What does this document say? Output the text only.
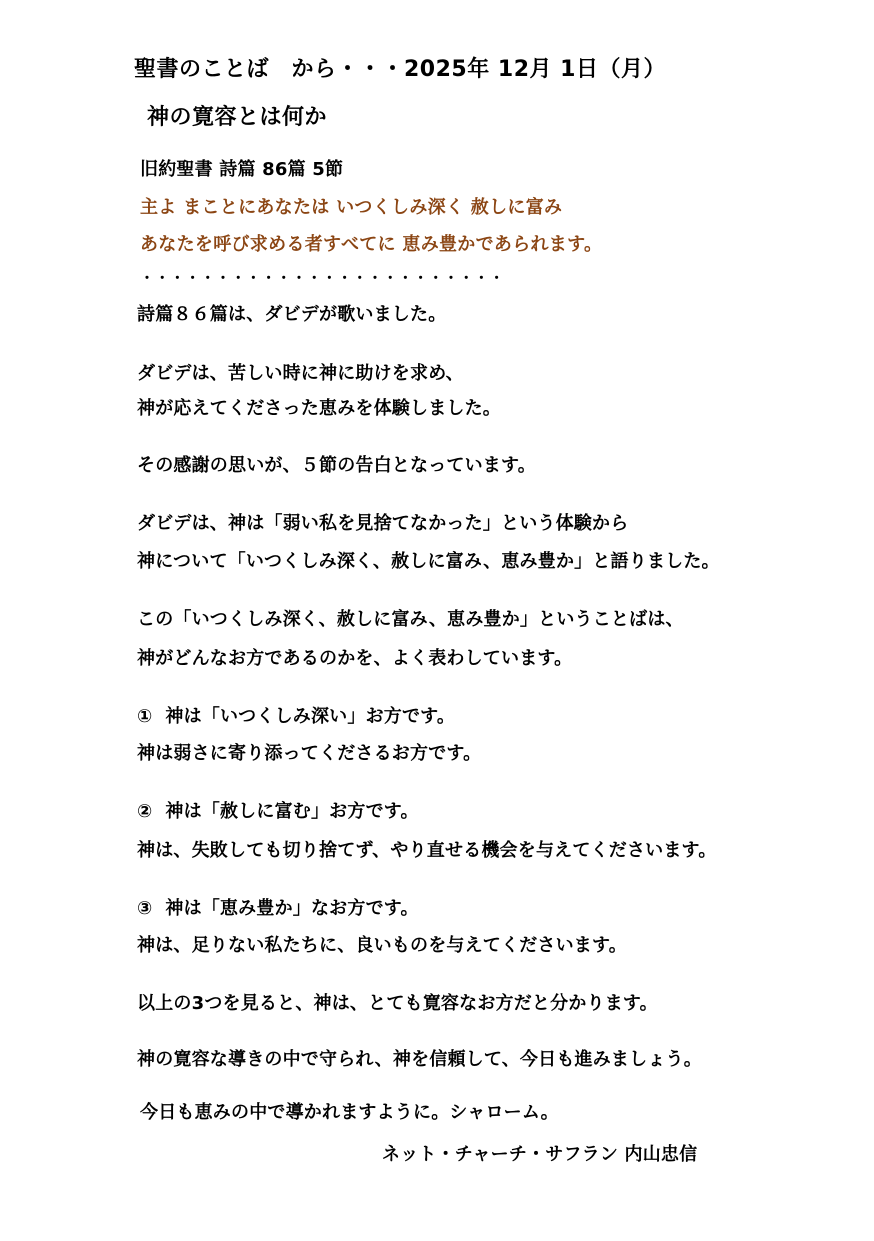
聖書のことば　から・・・2025年 12月 1日（月）
神の寛容とは何か
旧約聖書 詩篇 86篇 5節
主よ まことにあなたは いつくしみ深く 赦しに富み
あなたを呼び求める者すべてに 恵み豊かであられます。
・・・・・・・・・・・・・・・・・・・・・・・・
詩篇８６篇は、ダビデが歌いました。
ダビデは、苦しい時に神に助けを求め、
神が応えてくださった恵みを体験しました。
その感謝の思いが、５節の告白となっています。
ダビデは、神は「弱い私を見捨てなかった」という体験から
神について「いつくしみ深く、赦しに富み、恵み豊か」と語りました。
この「いつくしみ深く、赦しに富み、恵み豊か」ということばは、
神がどんなお方であるのかを、よく表わしています。
①  神は「いつくしみ深い」お方です。
神は弱さに寄り添ってくださるお方です。
②  神は「赦しに富む」お方です。
神は、失敗しても切り捨てず、やり直せる機会を与えてくださいます。
③  神は「恵み豊か」なお方です。
神は、足りない私たちに、良いものを与えてくださいます。
以上の3つを見ると、神は、とても寛容なお方だと分かります。
神の寛容な導きの中で守られ、神を信頼して、今日も進みましょう。
今日も恵みの中で導かれますように。シャローム。
ネット・チャーチ・サフラン 内山忠信
